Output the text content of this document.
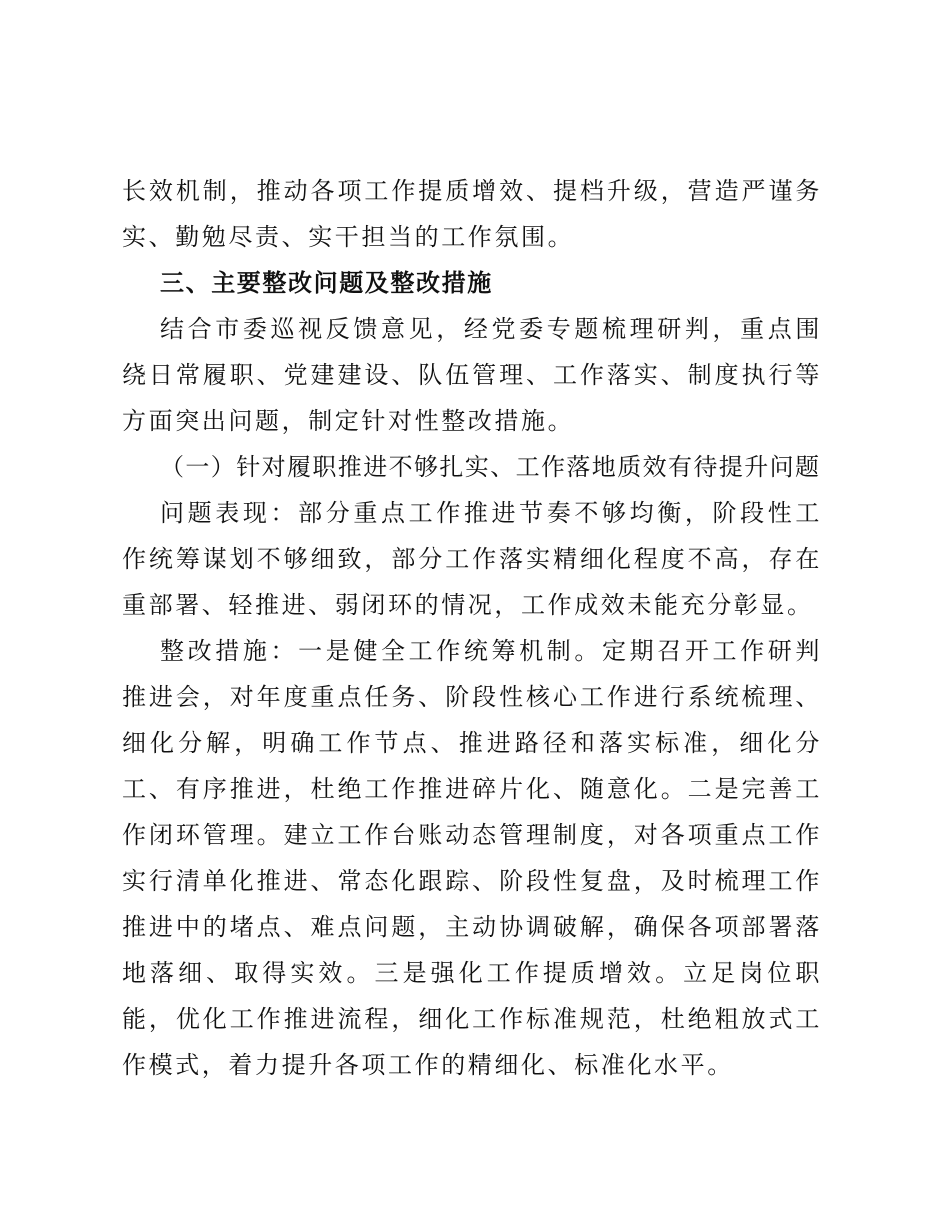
长效机制，推动各项工作提质增效、提档升级，营造严谨务实、勤勉尽责、实干担当的工作氛围。

三、主要整改问题及整改措施

结合市委巡视反馈意见，经党委专题梳理研判，重点围绕日常履职、党建建设、队伍管理、工作落实、制度执行等方面突出问题，制定针对性整改措施。

（一）针对履职推进不够扎实、工作落地质效有待提升问题

问题表现：部分重点工作推进节奏不够均衡，阶段性工作统筹谋划不够细致，部分工作落实精细化程度不高，存在重部署、轻推进、弱闭环的情况，工作成效未能充分彰显。

整改措施：一是健全工作统筹机制。定期召开工作研判推进会，对年度重点任务、阶段性核心工作进行系统梳理、细化分解，明确工作节点、推进路径和落实标准，细化分工、有序推进，杜绝工作推进碎片化、随意化。二是完善工作闭环管理。建立工作台账动态管理制度，对各项重点工作实行清单化推进、常态化跟踪、阶段性复盘，及时梳理工作推进中的堵点、难点问题，主动协调破解，确保各项部署落地落细、取得实效。三是强化工作提质增效。立足岗位职能，优化工作推进流程，细化工作标准规范，杜绝粗放式工作模式，着力提升各项工作的精细化、标准化水平。
